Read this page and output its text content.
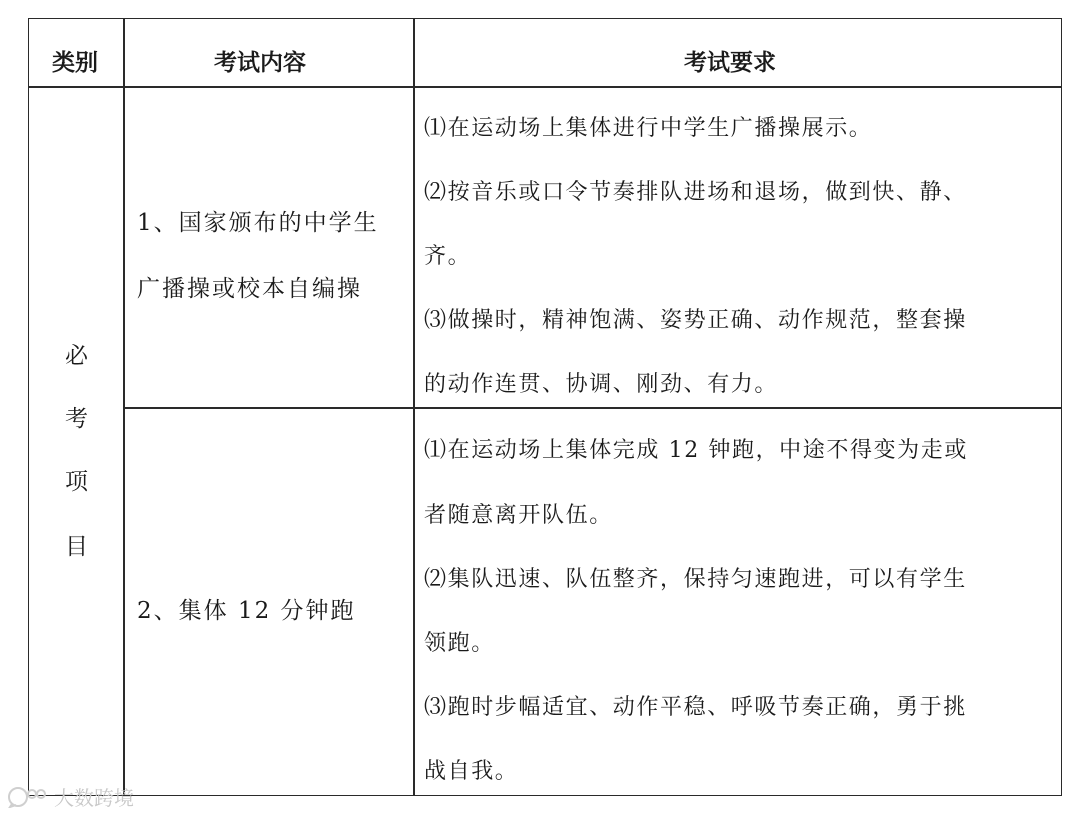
类别	考试内容	考试要求
必
考
项
目
1、国家颁布的中学生
广播操或校本自编操
⑴在运动场上集体进行中学生广播操展示。
⑵按音乐或口令节奏排队进场和退场，做到快、静、
齐。
⑶做操时，精神饱满、姿势正确、动作规范，整套操
的动作连贯、协调、刚劲、有力。
2、集体 12 分钟跑
⑴在运动场上集体完成 12 钟跑，中途不得变为走或
者随意离开队伍。
⑵集队迅速、队伍整齐，保持匀速跑进，可以有学生
领跑。
⑶跑时步幅适宜、动作平稳、呼吸节奏正确，勇于挑
战自我。
大数跨境
